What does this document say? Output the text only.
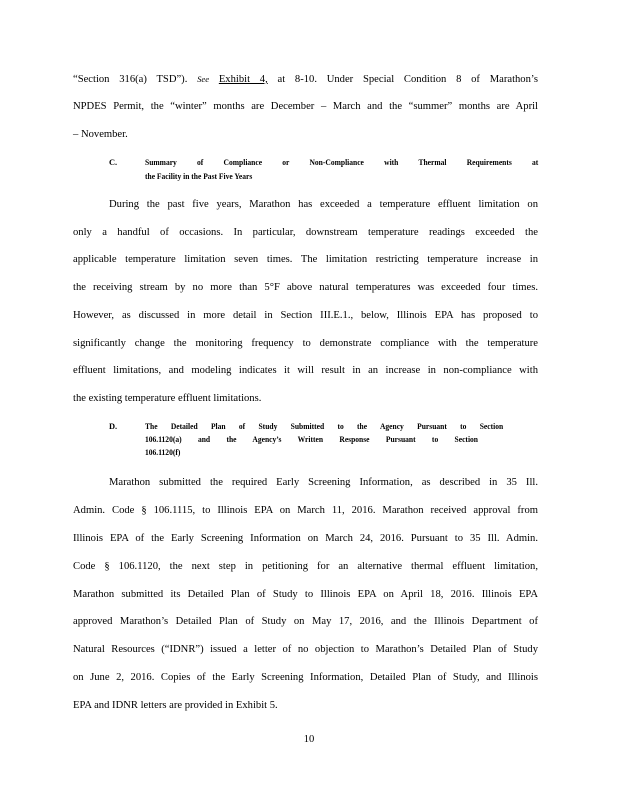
“Section 316(a) TSD”). See Exhibit 4, at 8-10. Under Special Condition 8 of Marathon’s
NPDES Permit, the “winter” months are December – March and the “summer” months are April
– November.
C.	Summary of Compliance or Non-Compliance with Thermal Requirements at
the Facility in the Past Five Years
During the past five years, Marathon has exceeded a temperature effluent limitation on
only a handful of occasions. In particular, downstream temperature readings exceeded the
applicable temperature limitation seven times. The limitation restricting temperature increase in
the receiving stream by no more than 5°F above natural temperatures was exceeded four times.
However, as discussed in more detail in Section III.E.1., below, Illinois EPA has proposed to
significantly change the monitoring frequency to demonstrate compliance with the temperature
effluent limitations, and modeling indicates it will result in an increase in non-compliance with
the existing temperature effluent limitations.
D.	The Detailed Plan of Study Submitted to the Agency Pursuant to Section
106.1120(a) and the Agency’s Written Response Pursuant to Section
106.1120(f)
Marathon submitted the required Early Screening Information, as described in 35 Ill.
Admin. Code § 106.1115, to Illinois EPA on March 11, 2016. Marathon received approval from
Illinois EPA of the Early Screening Information on March 24, 2016. Pursuant to 35 Ill. Admin.
Code § 106.1120, the next step in petitioning for an alternative thermal effluent limitation,
Marathon submitted its Detailed Plan of Study to Illinois EPA on April 18, 2016. Illinois EPA
approved Marathon’s Detailed Plan of Study on May 17, 2016, and the Illinois Department of
Natural Resources (“IDNR”) issued a letter of no objection to Marathon’s Detailed Plan of Study
on June 2, 2016. Copies of the Early Screening Information, Detailed Plan of Study, and Illinois
EPA and IDNR letters are provided in Exhibit 5.
10
